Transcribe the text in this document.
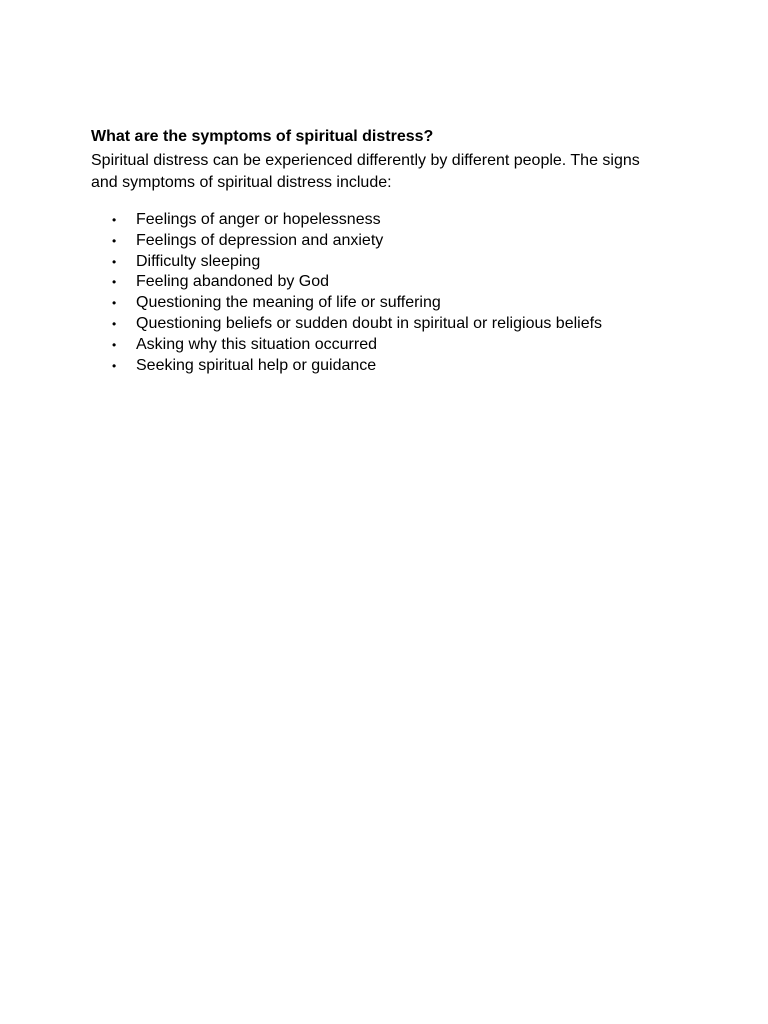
What are the symptoms of spiritual distress?

Spiritual distress can be experienced differently by different people. The signs and symptoms of spiritual distress include:

• Feelings of anger or hopelessness
• Feelings of depression and anxiety
• Difficulty sleeping
• Feeling abandoned by God
• Questioning the meaning of life or suffering
• Questioning beliefs or sudden doubt in spiritual or religious beliefs
• Asking why this situation occurred
• Seeking spiritual help or guidance
